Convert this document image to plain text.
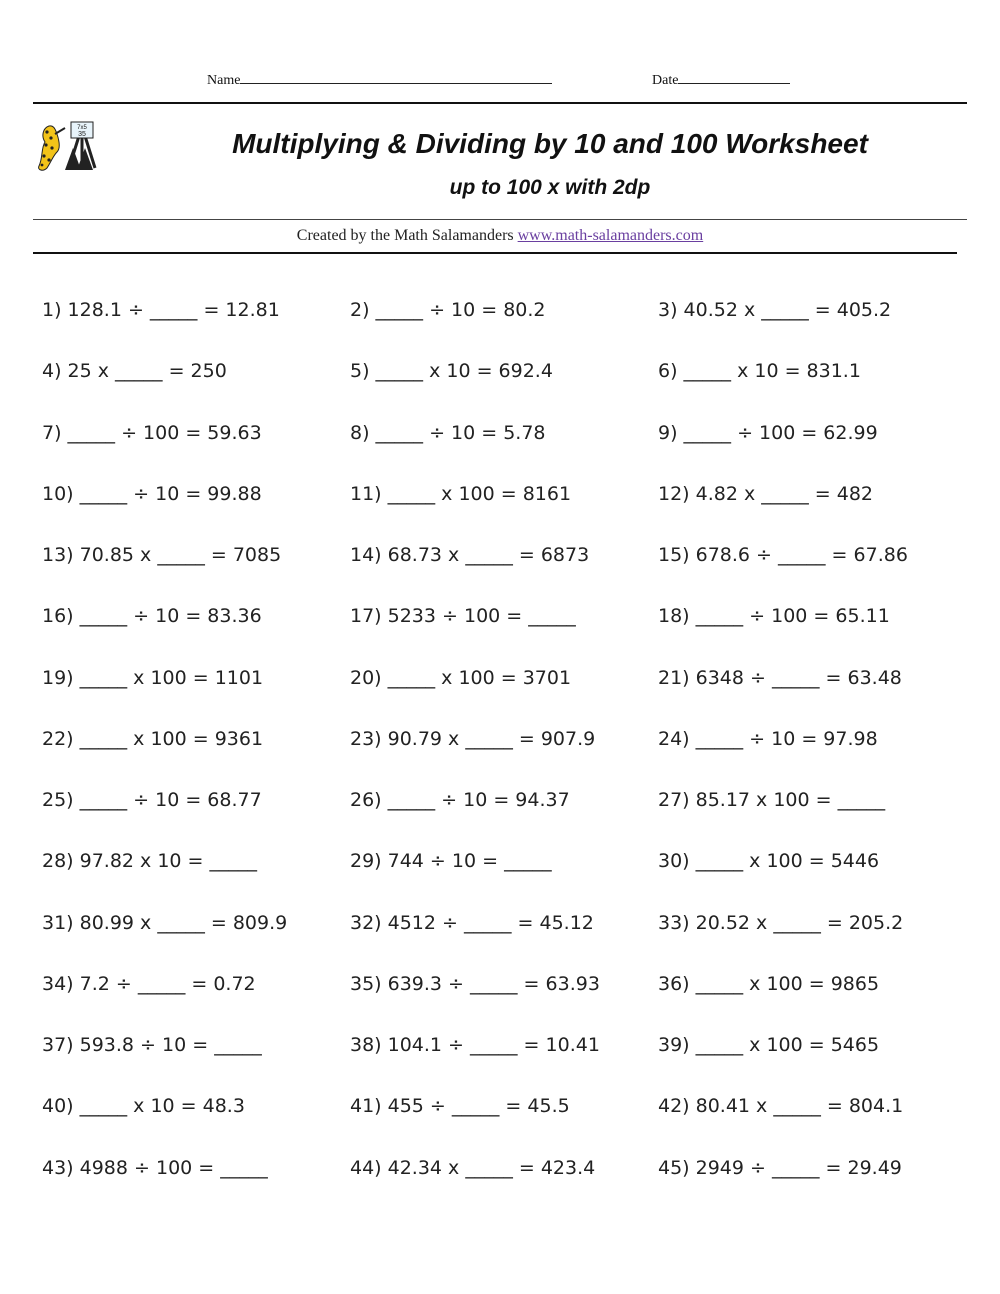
Name	Date
7x5
35	Multiplying & Dividing by 10 and 100 Worksheet
up to 100 x with 2dp
Created by the Math Salamanders www.math-salamanders.com
1) 128.1 ÷ _____ = 12.81	2) _____ ÷ 10 = 80.2	3) 40.52 x _____ = 405.2
4) 25 x _____ = 250	5) _____ x 10 = 692.4	6) _____ x 10 = 831.1
7) _____ ÷ 100 = 59.63	8) _____ ÷ 10 = 5.78	9) _____ ÷ 100 = 62.99
10) _____ ÷ 10 = 99.88	11) _____ x 100 = 8161	12) 4.82 x _____ = 482
13) 70.85 x _____ = 7085	14) 68.73 x _____ = 6873	15) 678.6 ÷ _____ = 67.86
16) _____ ÷ 10 = 83.36	17) 5233 ÷ 100 = _____	18) _____ ÷ 100 = 65.11
19) _____ x 100 = 1101	20) _____ x 100 = 3701	21) 6348 ÷ _____ = 63.48
22) _____ x 100 = 9361	23) 90.79 x _____ = 907.9	24) _____ ÷ 10 = 97.98
25) _____ ÷ 10 = 68.77	26) _____ ÷ 10 = 94.37	27) 85.17 x 100 = _____
28) 97.82 x 10 = _____	29) 744 ÷ 10 = _____	30) _____ x 100 = 5446
31) 80.99 x _____ = 809.9	32) 4512 ÷ _____ = 45.12	33) 20.52 x _____ = 205.2
34) 7.2 ÷ _____ = 0.72	35) 639.3 ÷ _____ = 63.93	36) _____ x 100 = 9865
37) 593.8 ÷ 10 = _____	38) 104.1 ÷ _____ = 10.41	39) _____ x 100 = 5465
40) _____ x 10 = 48.3	41) 455 ÷ _____ = 45.5	42) 80.41 x _____ = 804.1
43) 4988 ÷ 100 = _____	44) 42.34 x _____ = 423.4	45) 2949 ÷ _____ = 29.49
